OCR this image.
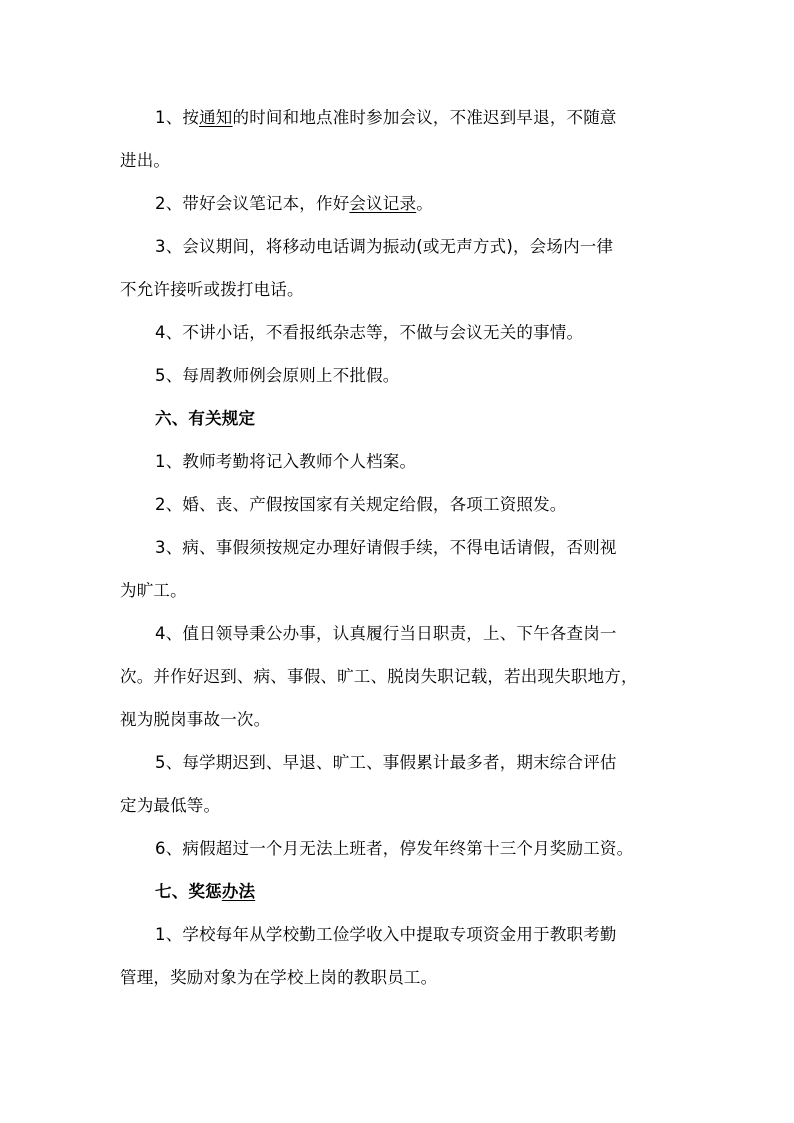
1、按通知的时间和地点准时参加会议，不准迟到早退，不随意

进出。

2、带好会议笔记本，作好会议记录。

3、会议期间，将移动电话调为振动(或无声方式)，会场内一律

不允许接听或拨打电话。

4、不讲小话，不看报纸杂志等，不做与会议无关的事情。

5、每周教师例会原则上不批假。

六、有关规定

1、教师考勤将记入教师个人档案。

2、婚、丧、产假按国家有关规定给假，各项工资照发。

3、病、事假须按规定办理好请假手续，不得电话请假，否则视

为旷工。

4、值日领导秉公办事，认真履行当日职责，上、下午各查岗一

次。并作好迟到、病、事假、旷工、脱岗失职记载，若出现失职地方，

视为脱岗事故一次。

5、每学期迟到、早退、旷工、事假累计最多者，期末综合评估

定为最低等。

6、病假超过一个月无法上班者，停发年终第十三个月奖励工资。

七、奖惩办法

1、学校每年从学校勤工俭学收入中提取专项资金用于教职考勤

管理，奖励对象为在学校上岗的教职员工。
